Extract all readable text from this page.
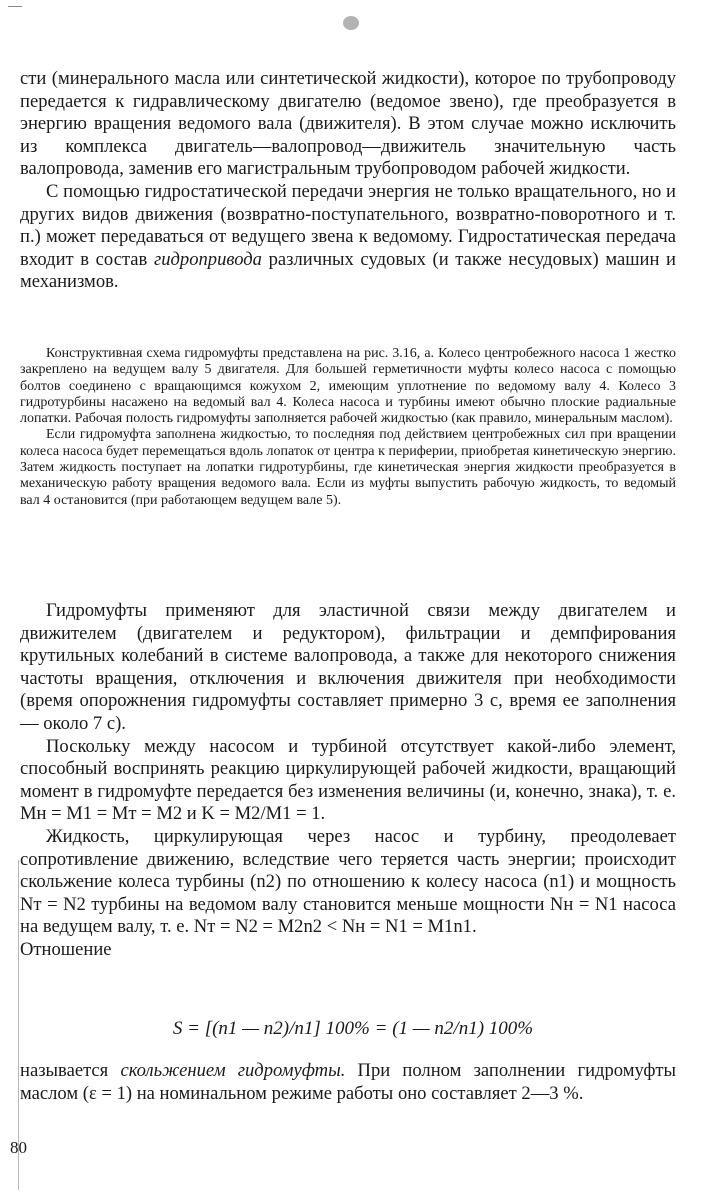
сти (минерального масла или синтетической жидкости), которое по трубопроводу передается к гидравлическому двигателю (ведомое звено), где преобразуется в энергию вращения ведомого вала (движителя). В этом случае можно исключить из комплекса двигатель—валопровод—движитель значительную часть валопровода, заменив его магистральным трубопроводом рабочей жидкости.

С помощью гидростатической передачи энергия не только вращательного, но и других видов движения (возвратно-поступательного, возвратно-поворотного и т. п.) может передаваться от ведущего звена к ведомому. Гидростатическая передача входит в состав гидропривода различных судовых (и также несудовых) машин и механизмов.

Конструктивная схема гидромуфты представлена на рис. 3.16, а. Колесо центробежного насоса 1 жестко закреплено на ведущем валу 5 двигателя. Для большей герметичности муфты колесо насоса с помощью болтов соединено с вращающимся кожухом 2, имеющим уплотнение по ведомому валу 4. Колесо 3 гидротурбины насажено на ведомый вал 4. Колеса насоса и турбины имеют обычно плоские радиальные лопатки. Рабочая полость гидромуфты заполняется рабочей жидкостью (как правило, минеральным маслом).

Если гидромуфта заполнена жидкостью, то последняя под действием центробежных сил при вращении колеса насоса будет перемещаться вдоль лопаток от центра к периферии, приобретая кинетическую энергию. Затем жидкость поступает на лопатки гидротурбины, где кинетическая энергия жидкости преобразуется в механическую работу вращения ведомого вала. Если из муфты выпустить рабочую жидкость, то ведомый вал 4 остановится (при работающем ведущем вале 5).

Гидромуфты применяют для эластичной связи между двигателем и движителем (двигателем и редуктором), фильтрации и демпфирования крутильных колебаний в системе валопровода, а также для некоторого снижения частоты вращения, отключения и включения движителя при необходимости (время опорожнения гидромуфты составляет примерно 3 с, время ее заполнения — около 7 с).

Поскольку между насосом и турбиной отсутствует какой-либо элемент, способный воспринять реакцию циркулирующей рабочей жидкости, вращающий момент в гидромуфте передается без изменения величины (и, конечно, знака), т. е. Mн = M1 = Mт = M2 и K = M2/M1 = 1.

Жидкость, циркулирующая через насос и турбину, преодолевает сопротивление движению, вследствие чего теряется часть энергии; происходит скольжение колеса турбины (n2) по отношению к колесу насоса (n1) и мощность Nт = N2 турбины на ведомом валу становится меньше мощности Nн = N1 насоса на ведущем валу, т. е. Nт = N2 = M2n2 < Nн = N1 = M1n1.

Отношение

S = [(n1 — n2)/n1] 100% = (1 — n2/n1) 100%

называется скольжением гидромуфты. При полном заполнении гидромуфты маслом (ε = 1) на номинальном режиме работы оно составляет 2—3 %.

80
